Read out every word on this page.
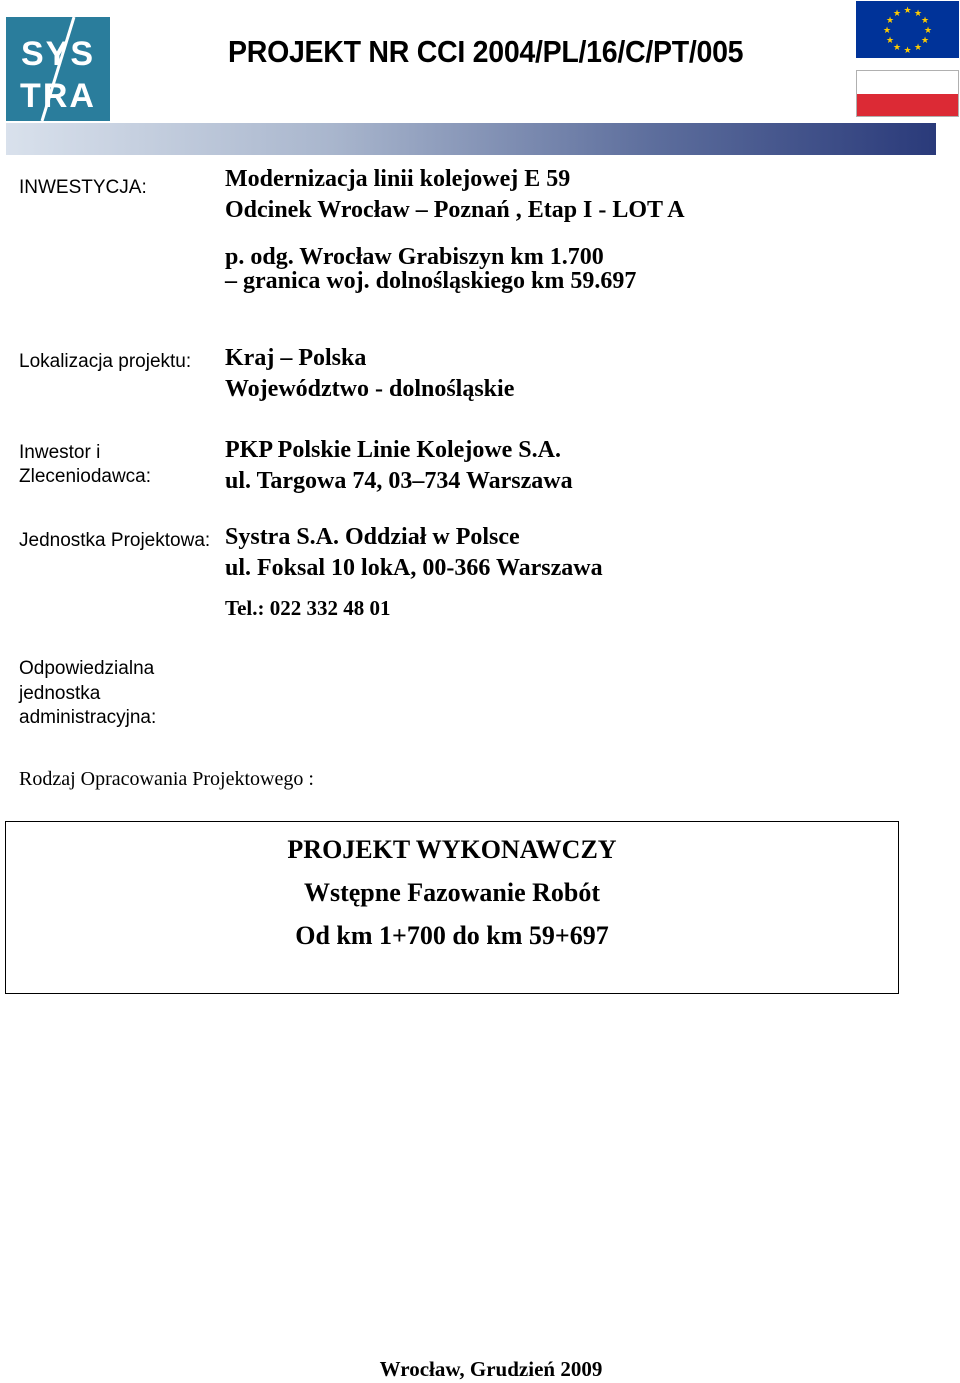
SYS
TRA
PROJEKT NR CCI 2004/PL/16/C/PT/005
★ ★
★
★
★
★
★
★
★
★
★
★
INWESTYCJA:	Modernizacja linii kolejowej E 59
Odcinek Wrocław – Poznań , Etap I - LOT A
p. odg. Wrocław Grabiszyn km 1.700
– granica woj. dolnośląskiego km 59.697
Lokalizacja projektu: Kraj – Polska
Województwo - dolnośląskie
Inwestor i
Zleceniodawca:
PKP Polskie Linie Kolejowe S.A.
ul. Targowa 74, 03–734 Warszawa
Jednostka Projektowa: Systra S.A. Oddział w Polsce
ul. Foksal 10 lokA, 00-366 Warszawa
Tel.: 022 332 48 01
Odpowiedzialna
jednostka
administracyjna:
Rodzaj Opracowania Projektowego :
PROJEKT WYKONAWCZY
Wstępne Fazowanie Robót
Od km 1+700 do km 59+697
Wrocław, Grudzień 2009
